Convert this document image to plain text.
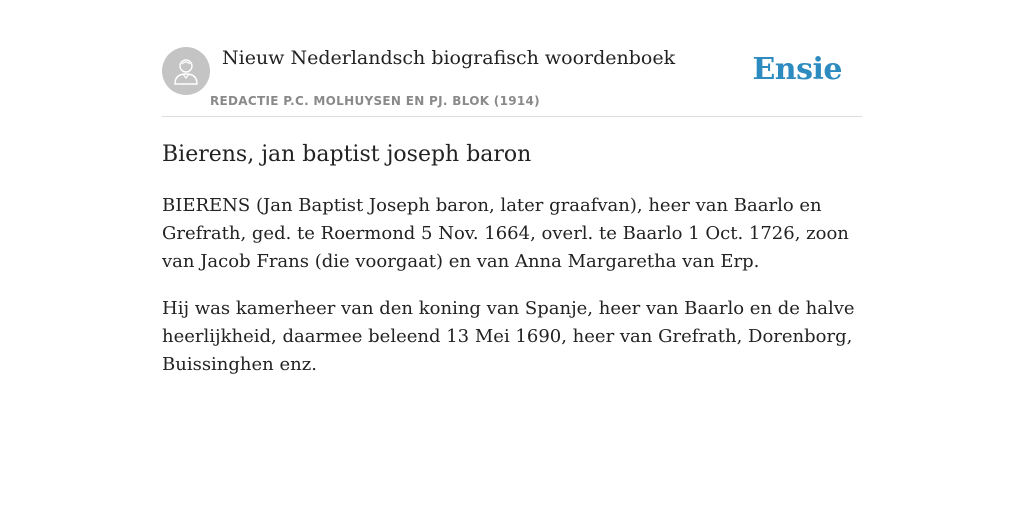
Nieuw Nederlandsch biografisch woordenboek
REDACTIE P.C. MOLHUYSEN EN PJ. BLOK (1914)
Ensie
Bierens, jan baptist joseph baron

BIERENS (Jan Baptist Joseph baron, later graafvan), heer van Baarlo en Grefrath, ged. te Roermond 5 Nov. 1664, overl. te Baarlo 1 Oct. 1726, zoon van Jacob Frans (die voorgaat) en van Anna Margaretha van Erp.

Hij was kamerheer van den koning van Spanje, heer van Baarlo en de halve heerlijkheid, daarmee beleend 13 Mei 1690, heer van Grefrath, Dorenborg, Buissinghen enz.
